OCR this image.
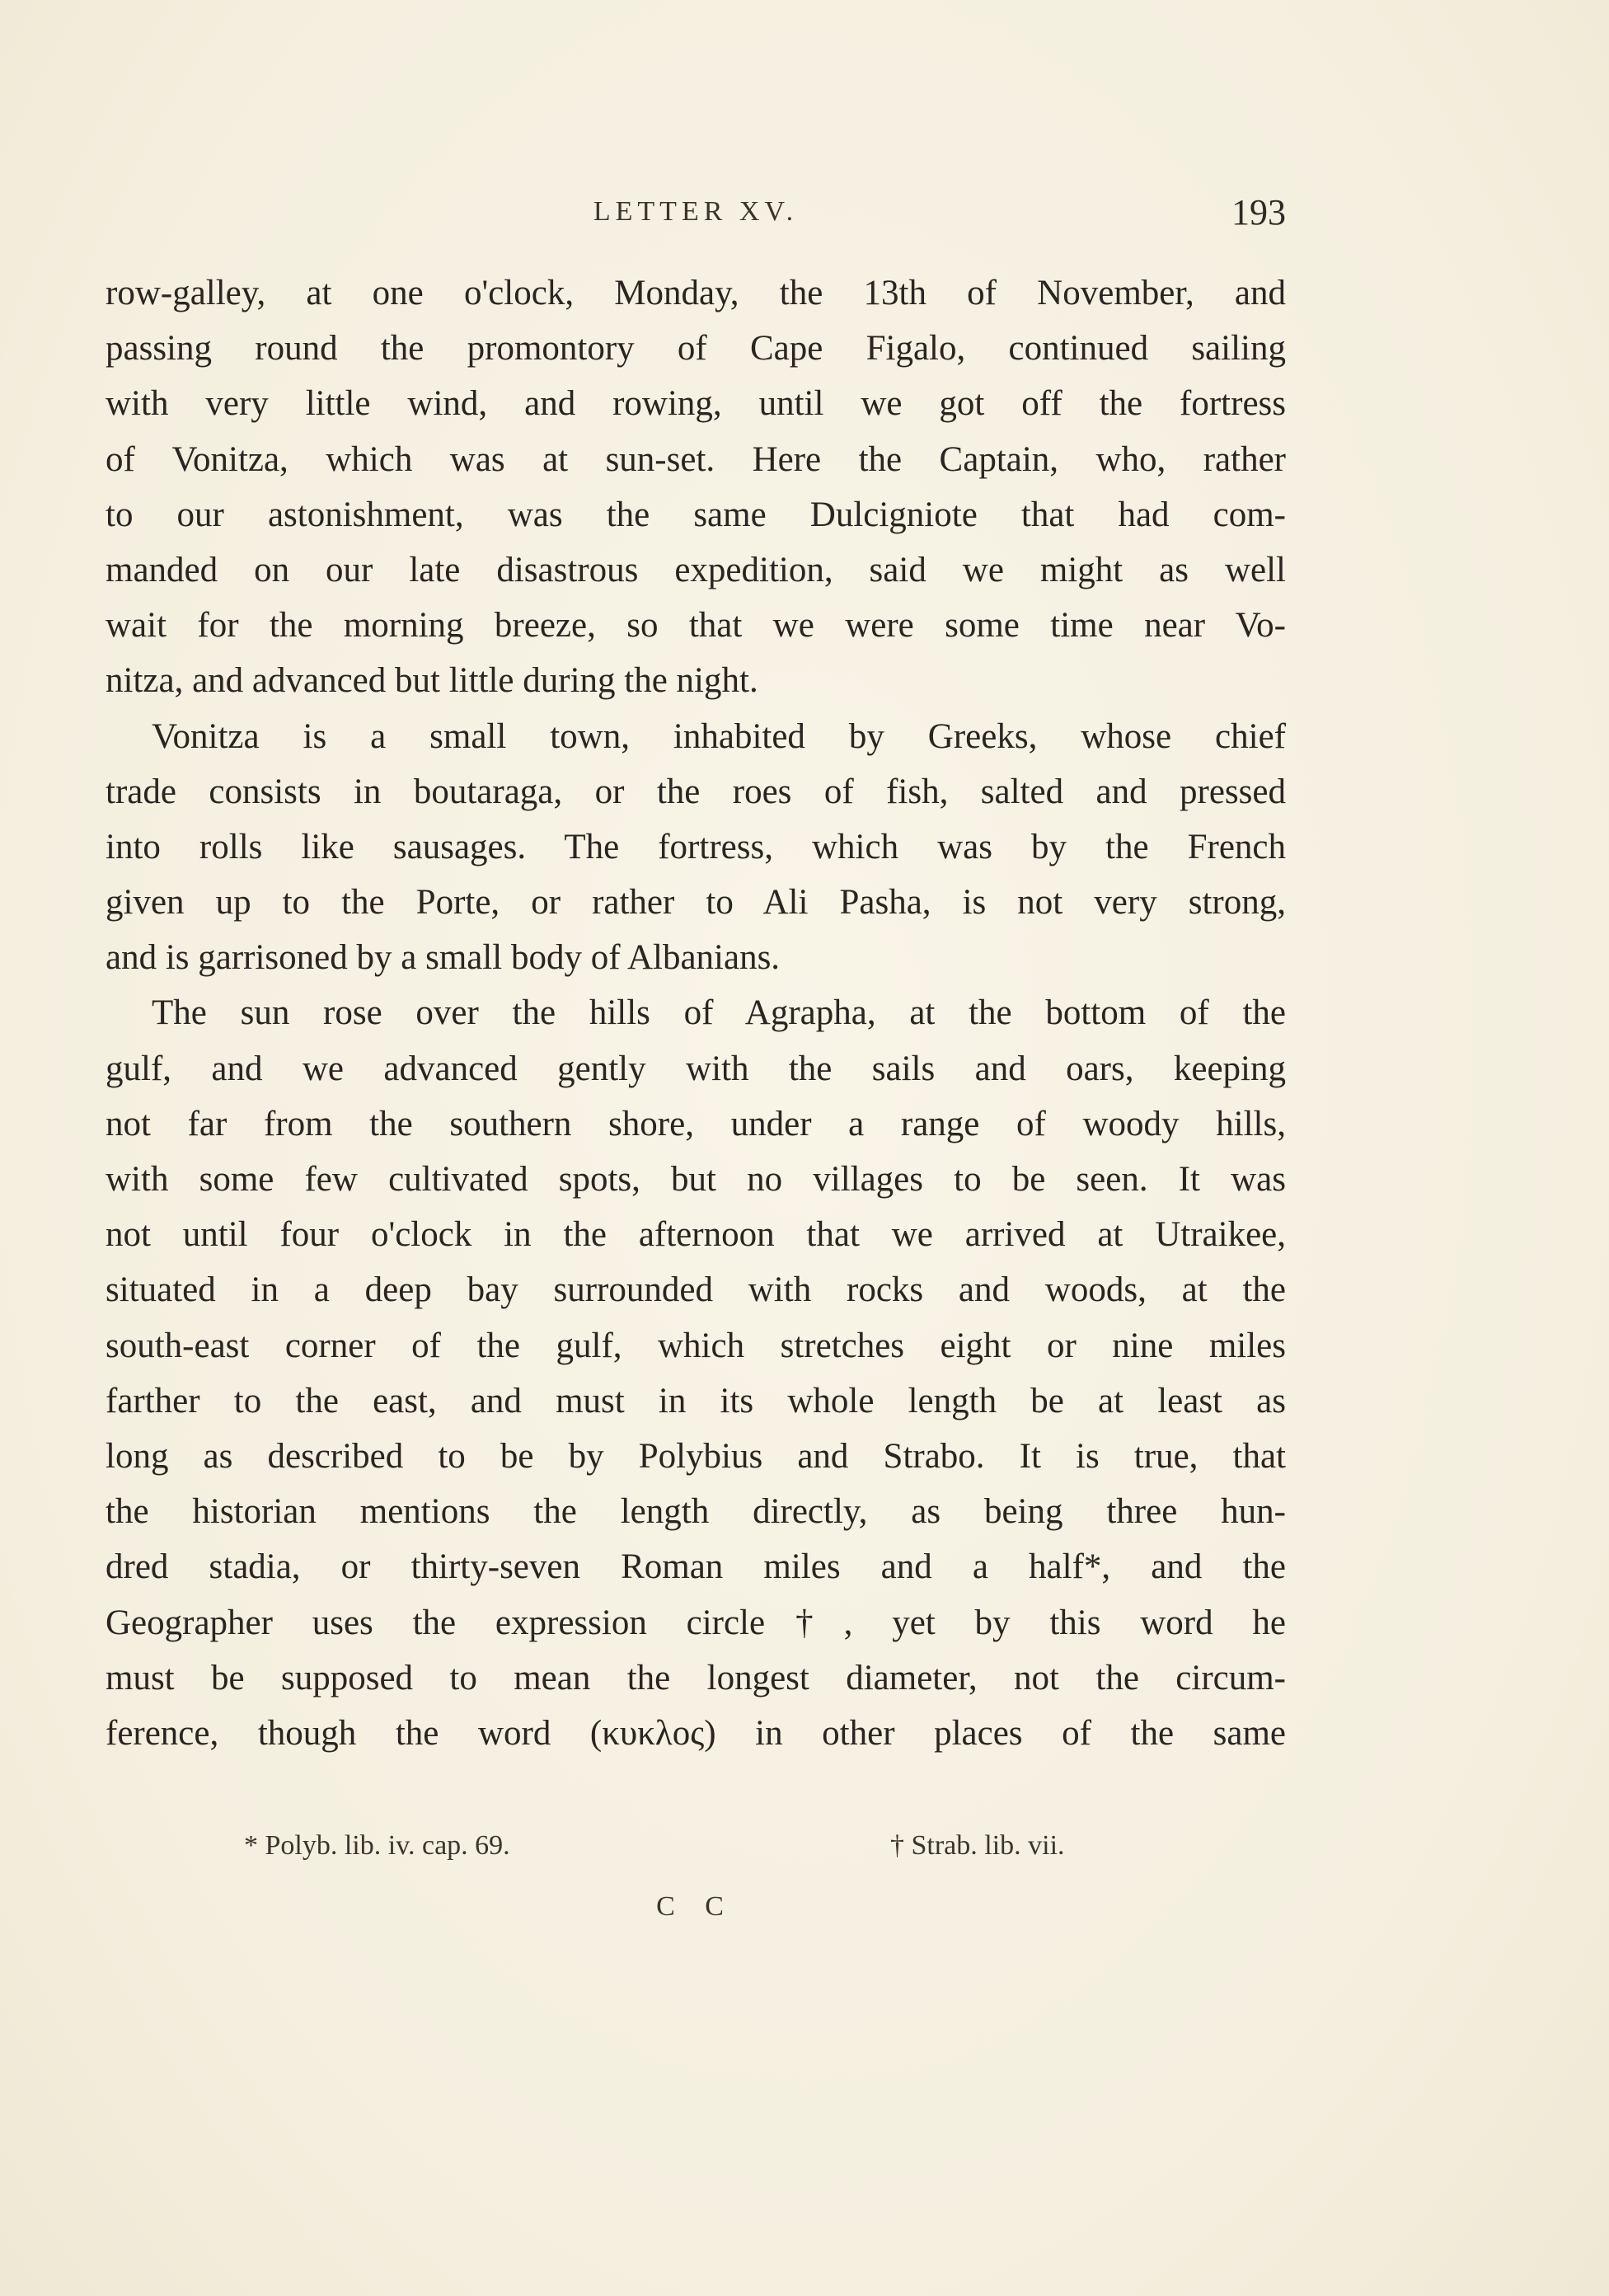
LETTER XV.	193
row-galley, at one o'clock, Monday, the 13th of November, and
passing round the promontory of Cape Figalo, continued sailing
with very little wind, and rowing, until we got off the fortress
of Vonitza, which was at sun-set. Here the Captain, who, rather
to our astonishment, was the same Dulcigniote that had com-
manded on our late disastrous expedition, said we might as well
wait for the morning breeze, so that we were some time near Vo-
nitza, and advanced but little during the night.
Vonitza is a small town, inhabited by Greeks, whose chief
trade consists in boutaraga, or the roes of fish, salted and pressed
into rolls like sausages. The fortress, which was by the French
given up to the Porte, or rather to Ali Pasha, is not very strong,
and is garrisoned by a small body of Albanians.
The sun rose over the hills of Agrapha, at the bottom of the
gulf, and we advanced gently with the sails and oars, keeping
not far from the southern shore, under a range of woody hills,
with some few cultivated spots, but no villages to be seen. It was
not until four o'clock in the afternoon that we arrived at Utraikee,
situated in a deep bay surrounded with rocks and woods, at the
south-east corner of the gulf, which stretches eight or nine miles
farther to the east, and must in its whole length be at least as
long as described to be by Polybius and Strabo. It is true, that
the historian mentions the length directly, as being three hun-
dred stadia, or thirty-seven Roman miles and a half*, and the
Geographer uses the expression circle†, yet by this word he
must be supposed to mean the longest diameter, not the circum-
ference, though the word (κυκλος) in other places of the same
* Polyb. lib. iv. cap. 69.	† Strab. lib. vii.
C C
